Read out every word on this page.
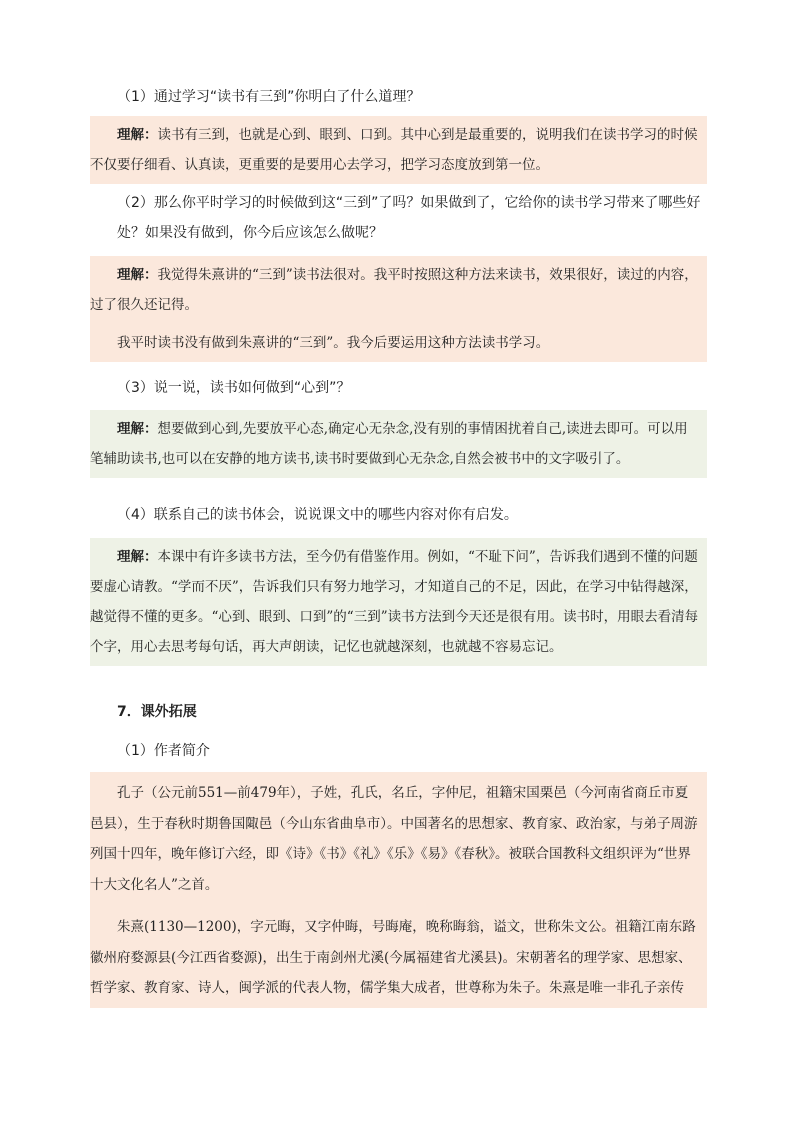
（1）通过学习“读书有三到”你明白了什么道理？

理解：读书有三到，也就是心到、眼到、口到。其中心到是最重要的，说明我们在读书学习的时候不仅要仔细看、认真读，更重要的是要用心去学习，把学习态度放到第一位。

（2）那么你平时学习的时候做到这“三到”了吗？如果做到了，它给你的读书学习带来了哪些好处？如果没有做到，你今后应该怎么做呢？

理解：我觉得朱熹讲的“三到”读书法很对。我平时按照这种方法来读书，效果很好，读过的内容，过了很久还记得。

我平时读书没有做到朱熹讲的“三到”。我今后要运用这种方法读书学习。

（3）说一说，读书如何做到“心到”？

理解：想要做到心到,先要放平心态,确定心无杂念,没有别的事情困扰着自己,读进去即可。可以用笔辅助读书,也可以在安静的地方读书,读书时要做到心无杂念,自然会被书中的文字吸引了。

（4）联系自己的读书体会，说说课文中的哪些内容对你有启发。

理解：本课中有许多读书方法，至今仍有借鉴作用。例如，“不耻下问”，告诉我们遇到不懂的问题要虚心请教。“学而不厌”，告诉我们只有努力地学习，才知道自己的不足，因此，在学习中钻得越深，越觉得不懂的更多。“心到、眼到、口到”的“三到”读书方法到今天还是很有用。读书时，用眼去看清每个字，用心去思考每句话，再大声朗读，记忆也就越深刻，也就越不容易忘记。

7．课外拓展
（1）作者简介

孔子（公元前551—前479年），子姓，孔氏，名丘，字仲尼，祖籍宋国栗邑（今河南省商丘市夏邑县），生于春秋时期鲁国陬邑（今山东省曲阜市）。中国著名的思想家、教育家、政治家，与弟子周游列国十四年，晚年修订六经，即《诗》《书》《礼》《乐》《易》《春秋》。被联合国教科文组织评为“世界十大文化名人”之首。

朱熹(1130—1200)，字元晦，又字仲晦，号晦庵，晚称晦翁，谥文，世称朱文公。祖籍江南东路徽州府婺源县(今江西省婺源)，出生于南剑州尤溪(今属福建省尤溪县)。宋朝著名的理学家、思想家、哲学家、教育家、诗人，闽学派的代表人物，儒学集大成者，世尊称为朱子。朱熹是唯一非孔子亲传
